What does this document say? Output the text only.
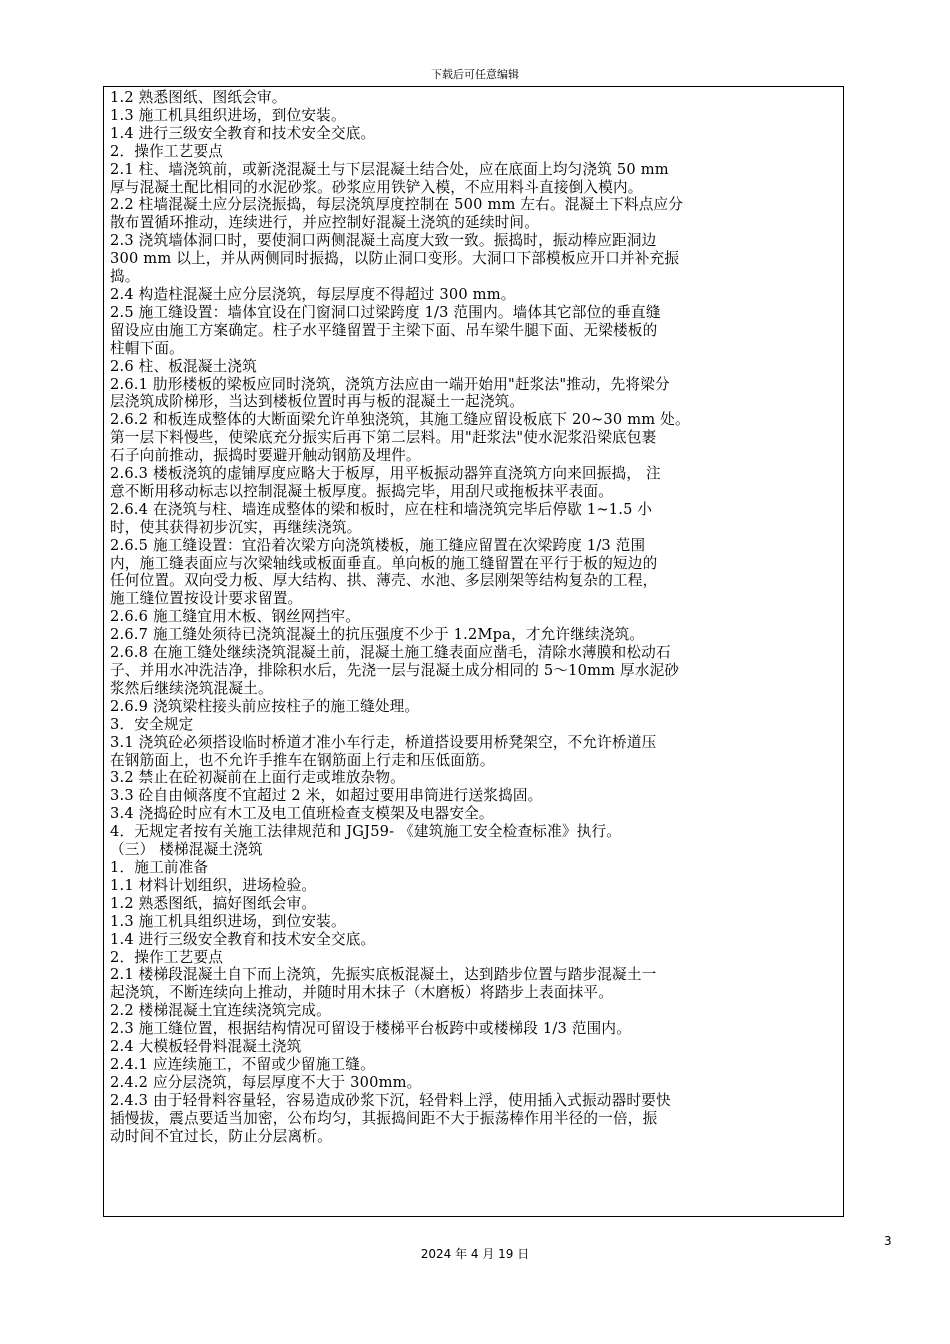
下载后可任意编辑

1.2 熟悉图纸、图纸会审。

1.3 施工机具组织进场，到位安装。

1.4 进行三级安全教育和技术安全交底。

2．操作工艺要点

2.1 柱、墙浇筑前，或新浇混凝土与下层混凝土结合处，应在底面上均匀浇筑 50 mm

厚与混凝土配比相同的水泥砂浆。砂浆应用铁铲入模，不应用料斗直接倒入模内。

2.2 柱墙混凝土应分层浇振捣，每层浇筑厚度控制在 500 mm 左右。混凝土下料点应分

散布置循环推动，连续进行，并应控制好混凝土浇筑的延续时间。

2.3 浇筑墙体洞口时，要使洞口两侧混凝土高度大致一致。振捣时，振动棒应距洞边

300 mm 以上，并从两侧同时振捣，以防止洞口变形。大洞口下部模板应开口并补充振

捣。

2.4 构造柱混凝土应分层浇筑，每层厚度不得超过 300 mm。

2.5 施工缝设置：墙体宜设在门窗洞口过梁跨度 1/3 范围内。墙体其它部位的垂直缝

留设应由施工方案确定。柱子水平缝留置于主梁下面、吊车梁牛腿下面、无梁楼板的

柱帽下面。

2.6 柱、板混凝土浇筑

2.6.1 肋形楼板的梁板应同时浇筑，浇筑方法应由一端开始用"赶浆法"推动，先将梁分

层浇筑成阶梯形，当达到楼板位置时再与板的混凝土一起浇筑。

2.6.2 和板连成整体的大断面梁允许单独浇筑，其施工缝应留设板底下 20~30 mm 处。

第一层下料慢些，使梁底充分振实后再下第二层料。用"赶浆法"使水泥浆沿梁底包裹

石子向前推动，振捣时要避开触动钢筋及埋件。

2.6.3 楼板浇筑的虚铺厚度应略大于板厚，用平板振动器笄直浇筑方向来回振捣， 注

意不断用移动标志以控制混凝土板厚度。振捣完毕，用刮尺或拖板抹平表面。

2.6.4 在浇筑与柱、墙连成整体的梁和板时，应在柱和墙浇筑完毕后停歇 1~1.5 小

时，使其获得初步沉实，再继续浇筑。

2.6.5 施工缝设置：宜沿着次梁方向浇筑楼板，施工缝应留置在次梁跨度 1/3 范围

内，施工缝表面应与次梁轴线或板面垂直。单向板的施工缝留置在平行于板的短边的

任何位置。双向受力板、厚大结构、拱、薄壳、水池、多层刚架等结构复杂的工程，

施工缝位置按设计要求留置。

2.6.6 施工缝宜用木板、钢丝网挡牢。

2.6.7 施工缝处须待已浇筑混凝土的抗压强度不少于 1.2Mpa，才允许继续浇筑。

2.6.8 在施工缝处继续浇筑混凝土前，混凝土施工缝表面应凿毛，清除水薄膜和松动石

子、并用水冲洗洁净，排除积水后，先浇一层与混凝土成分相同的 5～10mm 厚水泥砂

浆然后继续浇筑混凝土。

2.6.9 浇筑梁柱接头前应按柱子的施工缝处理。

3．安全规定

3.1 浇筑砼必须搭设临时桥道才准小车行走，桥道搭设要用桥凳架空，不允许桥道压

在钢筋面上，也不允许手推车在钢筋面上行走和压低面筋。

3.2 禁止在砼初凝前在上面行走或堆放杂物。

3.3 砼自由倾落度不宜超过 2 米，如超过要用串筒进行送浆捣固。

3.4 浇捣砼时应有木工及电工值班检查支模架及电器安全。

4．无规定者按有关施工法律规范和 JGJ59- 《建筑施工安全检查标准》执行。

（三） 楼梯混凝土浇筑

1．施工前准备

1.1 材料计划组织，进场检验。

1.2 熟悉图纸，搞好图纸会审。

1.3 施工机具组织进场，到位安装。

1.4 进行三级安全教育和技术安全交底。

2．操作工艺要点

2.1 楼梯段混凝土自下而上浇筑，先振实底板混凝土，达到踏步位置与踏步混凝土一

起浇筑，不断连续向上推动，并随时用木抹子（木磨板）将踏步上表面抹平。

2.2 楼梯混凝土宜连续浇筑完成。

2.3 施工缝位置，根据结构情况可留设于楼梯平台板跨中或楼梯段 1/3 范围内。

2.4 大模板轻骨料混凝土浇筑

2.4.1 应连续施工，不留或少留施工缝。

2.4.2 应分层浇筑，每层厚度不大于 300mm。

2.4.3 由于轻骨料容量轻，容易造成砂浆下沉，轻骨料上浮，使用插入式振动器时要快

插慢拔，震点要适当加密，公布均匀，其振捣间距不大于振荡棒作用半径的一倍，振

动时间不宜过长，防止分层离析。

2024 年 4 月 19 日
3
